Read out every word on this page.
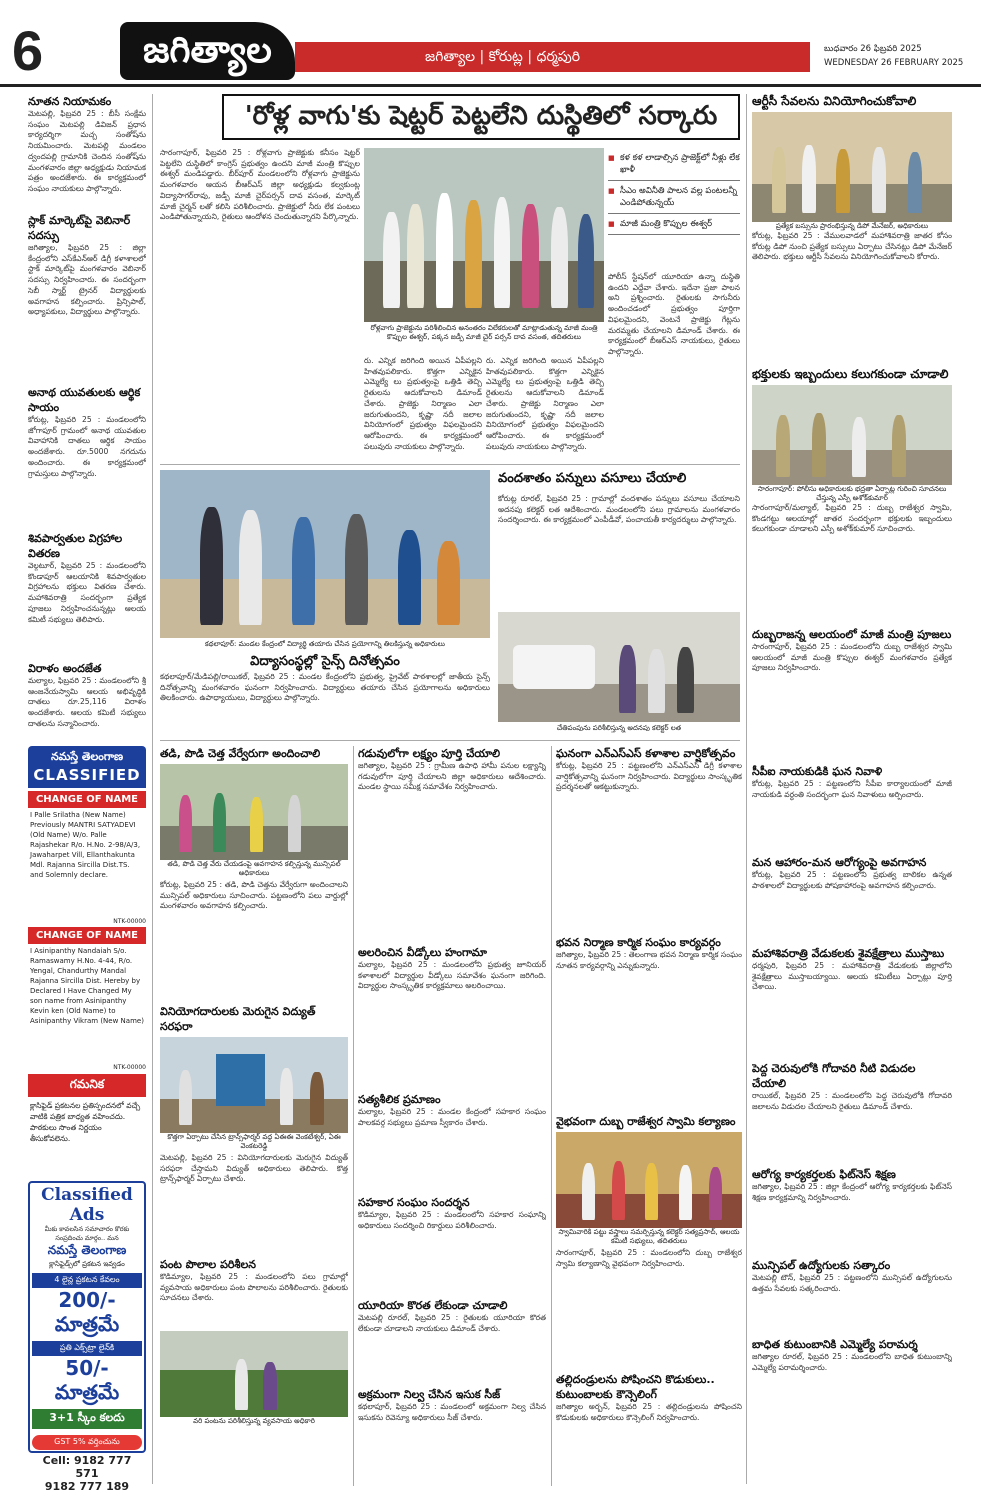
6	జగిత్యాల	జగిత్యాల | కోరుట్ల | ధర్మపురి	బుధవారం 26 ఫిబ్రవరి 2025
WEDNESDAY 26 FEBRUARY 2025
నూతన నియామకం
మెటపల్లి, ఫిబ్రవరి 25 : బీసీ సంక్షేమ సంఘం మెటపల్లి డివిజన్ ప్రధాన కార్యదర్శిగా మచ్చ సంతోష్‌ను నియమించారు. మెటపల్లి మండలం ద్వందపల్లి గ్రామానికి చెందిన సంతోష్‌ను మంగళవారం జిల్లా అధ్యక్షుడు నియామక పత్రం అందజేశారు. ఈ కార్యక్రమంలో సంఘం నాయకులు పాల్గొన్నారు.
స్లాక్ మార్కెట్‌పై వెబినార్ సదస్సు
జగిత్యాల, ఫిబ్రవరి 25 : జిల్లా కేంద్రంలోని ఎస్‌కేఎన్‌ఆర్ డిగ్రీ కళాశాలలో స్టాక్ మార్కెట్‌పై మంగళవారం వెబినార్ సదస్సు నిర్వహించారు. ఈ సందర్భంగా సెబీ స్మార్ట్ ట్రైనర్ విద్యార్థులకు అవగాహన కల్పించారు. ప్రిన్సిపాల్, అధ్యాపకులు, విద్యార్థులు పాల్గొన్నారు.
అనాథ యువతులకు ఆర్థిక సాయం
కోరుట్ల, ఫిబ్రవరి 25 : మండలంలోని జోగాపూర్ గ్రామంలో అనాథ యువతుల వివాహానికి దాతలు ఆర్థిక సాయం అందజేశారు. రూ.5000 నగదును అందించారు. ఈ కార్యక్రమంలో గ్రామస్తులు పాల్గొన్నారు.
శివపార్వతుల విగ్రహాల వితరణ
వెల్గటూర్, ఫిబ్రవరి 25 : మండలంలోని కొండాపూర్ ఆలయానికి శివపార్వతుల విగ్రహాలను భక్తులు వితరణ చేశారు. మహాశివరాత్రి సందర్భంగా ప్రత్యేక పూజలు నిర్వహించనున్నట్లు ఆలయ కమిటీ సభ్యులు తెలిపారు.
విరాళం అందజేత
మల్యాల, ఫిబ్రవరి 25 : మండలంలోని శ్రీ ఆంజనేయస్వామి ఆలయ అభివృద్ధికి దాతలు రూ.25,116 విరాళం అందజేశారు. ఆలయ కమిటీ సభ్యులు దాతలను సన్మానించారు.
నమస్తే తెలంగాణ
CLASSIFIED
CHANGE OF NAME
I Palle Srilatha (New Name) Previously MANTRI SATYADEVI (Old Name) W/o. Palle Rajashekar R/o. H.No. 2-98/A/3, Jawaharpet Vill, Ellanthakunta Mdl. Rajanna Sircilla Dist.TS. and Solemnly declare.
NTK-00000
CHANGE OF NAME
I Asinipanthy Nandaiah S/o. Ramaswamy H.No. 4-44, R/o. Yengal, Chandurthy Mandal Rajanna Sircilla Dist. Hereby by Declared I Have Changed My son name from Asinipanthy Kevin ken (Old Name) to Asinipanthy Vikram (New Name)
NTK-00000
గమనిక
క్లాసిఫైడ్ ప్రకటనల ప్రతిస్పందనలో వచ్చే వాటికి పత్రిక బాధ్యత వహించదు. పాఠకులు సొంత నిర్ణయం తీసుకోవలెను.
Classified Ads
మీకు కావలసిన సమాచారం కొరకు సంప్రదించు మార్గం.. మన
నమస్తే తెలంగాణ
క్లాసిఫైడ్స్‌లో ప్రకటన ఇవ్వడం
4 లైన్ల ప్రకటన కేవలం
200/- మాత్రమే
ప్రతి ఎక్స్‌ట్రా లైన్‌కి
50/- మాత్రమే
3+1 స్కీం కలదు
GST 5% వర్తించును
Cell: 9182 777 571
9182 777 189
'రోళ్ల వాగు'కు షెట్టర్ పెట్టలేని దుస్థితిలో సర్కారు
సారంగాపూర్, ఫిబ్రవరి 25 : రోళ్లవాగు ప్రాజెక్టుకు కనీసం షెట్టర్ పెట్టలేని దుస్థితిలో కాంగ్రెస్ ప్రభుత్వం ఉందని మాజీ మంత్రి కొప్పుల ఈశ్వర్ మండిపడ్డారు. బీర్‌పూర్ మండలంలోని రోళ్లవాగు ప్రాజెక్టును మంగళవారం ఆయన బీఆర్ఎస్ జిల్లా అధ్యక్షుడు కల్వకుంట్ల విద్యాసాగర్‌రావు, జడ్పీ మాజీ చైర్‌పర్సన్ దావ వసంత, మార్కెట్ మాజీ చైర్మన్ లతో కలిసి పరిశీలించారు. ప్రాజెక్టులో నీరు లేక పంటలు ఎండిపోతున్నాయని, రైతులు ఆందోళన చెందుతున్నారని పేర్కొన్నారు.
■ కళ కళ లాడాల్సిన ప్రాజెక్ట్‌లో నీళ్లు లేక ఖాళీ
■ సీఎం అవినీతి పాలన వల్ల పంటలన్నీ ఎండిపోతున్నయ్
■ మాజీ మంత్రి కొప్పుల ఈశ్వర్
రోళ్లవాగు ప్రాజెక్టును పరిశీలించిన అనంతరం విలేకరులతో మాట్లాడుతున్న మాజీ మంత్రి కొప్పుల ఈశ్వర్, పక్కన జడ్పీ మాజీ చైర్ పర్సన్ దావ వసంత, తదితరులు
రు. ఎన్నిక జరిగింది అయిన ఏపీపల్లని హితవుపలికారు. కొత్తగా ఎన్నికైన ఎమ్మెల్యే లు ప్రభుత్వంపై ఒత్తిడి తెచ్చి రైతులను ఆదుకోవాలని డిమాండ్ చేశారు. ప్రాజెక్టు నిర్మాణం ఎలా జరుగుతుందని, కృష్ణా నదీ జలాల వినియోగంలో ప్రభుత్వం విఫలమైందని ఆరోపించారు. ఈ కార్యక్రమంలో పలువురు నాయకులు పాల్గొన్నారు.
రు. ఎన్నిక జరిగింది అయిన ఏపీపల్లని హితవుపలికారు. కొత్తగా ఎన్నికైన ఎమ్మెల్యే లు ప్రభుత్వంపై ఒత్తిడి తెచ్చి రైతులను ఆదుకోవాలని డిమాండ్ చేశారు. ప్రాజెక్టు నిర్మాణం ఎలా జరుగుతుందని, కృష్ణా నదీ జలాల వినియోగంలో ప్రభుత్వం విఫలమైందని ఆరోపించారు. ఈ కార్యక్రమంలో పలువురు నాయకులు పాల్గొన్నారు.
పోలీస్ స్టేషన్‌లో యూరియా ఉన్నా దుస్థితి ఉందని ఎద్దేవా చేశారు. ఇదేనా ప్రజా పాలన అని ప్రశ్నించారు. రైతులకు సాగునీరు అందించడంలో ప్రభుత్వం పూర్తిగా విఫలమైందని, వెంటనే ప్రాజెక్టు గేట్లను మరమ్మతు చేయాలని డిమాండ్ చేశారు. ఈ కార్యక్రమంలో బీఆర్ఎస్ నాయకులు, రైతులు పాల్గొన్నారు.
కథలాపూర్: మండల కేంద్రంలో విద్యార్థి తయారు చేసిన ప్రయోగాన్ని తిలకిస్తున్న అధికారులు
విద్యాసంస్థల్లో సైన్స్ దినోత్సవం
కథలాపూర్/మేడిపల్లి/రాయికల్, ఫిబ్రవరి 25 : మండల కేంద్రంలోని ప్రభుత్వ, ప్రైవేట్ పాఠశాలల్లో జాతీయ సైన్స్ దినోత్సవాన్ని మంగళవారం ఘనంగా నిర్వహించారు. విద్యార్థులు తయారు చేసిన ప్రయోగాలను అధికారులు తిలకించారు. ఉపాధ్యాయులు, విద్యార్థులు పాల్గొన్నారు.
వందశాతం పన్నులు వసూలు చేయాలి
కోరుట్ల రూరల్, ఫిబ్రవరి 25 : గ్రామాల్లో వందశాతం పన్నులు వసూలు చేయాలని అదనపు కలెక్టర్ లత ఆదేశించారు. మండలంలోని పలు గ్రామాలను మంగళవారం సందర్శించారు. ఈ కార్యక్రమంలో ఎంపీడీవో, పంచాయతీ కార్యదర్శులు పాల్గొన్నారు.
చేతిపంపును పరిశీలిస్తున్న అదనపు కలెక్టర్ లత
ఆర్టీసీ సేవలను వినియోగించుకోవాలి
ప్రత్యేక బస్సును ప్రారంభిస్తున్న డిపో మేనేజర్, అధికారులు
కోరుట్ల, ఫిబ్రవరి 25 : వేములవాడలో మహాశివరాత్రి జాతర కోసం కోరుట్ల డిపో నుంచి ప్రత్యేక బస్సులు ఏర్పాటు చేసినట్లు డిపో మేనేజర్ తెలిపారు. భక్తులు ఆర్టీసీ సేవలను వినియోగించుకోవాలని కోరారు.
భక్తులకు ఇబ్బందులు కలుగకుండా చూడాలి
సారంగాపూర్: పోలీసు అధికారులకు భద్రతా ఏర్పాట్ల గురించి సూచనలు చేస్తున్న ఎస్పీ అశోక్‌కుమార్
సారంగాపూర్/మల్యాల్, ఫిబ్రవరి 25 : దుబ్బ రాజేశ్వర స్వామి, కొండగట్టు ఆలయాల్లో జాతర సందర్భంగా భక్తులకు ఇబ్బందులు కలుగకుండా చూడాలని ఎస్పీ అశోక్‌కుమార్ సూచించారు.
దుబ్బరాజన్న ఆలయంలో మాజీ మంత్రి పూజలు
సారంగాపూర్, ఫిబ్రవరి 25 : మండలంలోని దుబ్బ రాజేశ్వర స్వామి ఆలయంలో మాజీ మంత్రి కొప్పుల ఈశ్వర్ మంగళవారం ప్రత్యేక పూజలు నిర్వహించారు.
సీపీఐ నాయకుడికి ఘన నివాళి
కోరుట్ల, ఫిబ్రవరి 25 : పట్టణంలోని సీపీఐ కార్యాలయంలో మాజీ నాయకుడి వర్ధంతి సందర్భంగా ఘన నివాళులు అర్పించారు.
మన ఆహారం-మన ఆరోగ్యంపై అవగాహన
కోరుట్ల, ఫిబ్రవరి 25 : పట్టణంలోని ప్రభుత్వ బాలికల ఉన్నత పాఠశాలలో విద్యార్థులకు పోషకాహారంపై అవగాహన కల్పించారు.
మహాశివరాత్రి వేడుకలకు శైవక్షేత్రాలు ముస్తాబు
ధర్మపురి, ఫిబ్రవరి 25 : మహాశివరాత్రి వేడుకలకు జిల్లాలోని శైవక్షేత్రాలు ముస్తాబయ్యాయి. ఆలయ కమిటీలు ఏర్పాట్లు పూర్తి చేశాయి.
పెద్ద చెరువులోకి గోదావరి నీటి విడుదల చేయాలి
రాయికల్, ఫిబ్రవరి 25 : మండలంలోని పెద్ద చెరువులోకి గోదావరి జలాలను విడుదల చేయాలని రైతులు డిమాండ్ చేశారు.
ఆరోగ్య కార్యకర్తలకు ఫిట్‌నెస్ శిక్షణ
జగిత్యాల, ఫిబ్రవరి 25 : జిల్లా కేంద్రంలో ఆరోగ్య కార్యకర్తలకు ఫిట్‌నెస్ శిక్షణ కార్యక్రమాన్ని నిర్వహించారు.
మున్సిపల్ ఉద్యోగులకు సత్కారం
మెటపల్లి టౌన్, ఫిబ్రవరి 25 : పట్టణంలోని మున్సిపల్ ఉద్యోగులను ఉత్తమ సేవలకు సత్కరించారు.
బాధిత కుటుంబానికి ఎమ్మెల్యే పరామర్శ
జగిత్యాల రూరల్, ఫిబ్రవరి 25 : మండలంలోని బాధిత కుటుంబాన్ని ఎమ్మెల్యే పరామర్శించారు.
తడి, పొడి చెత్త వేర్వేరుగా అందించాలి
తడి, పొడి చెత్త వేరు చేయడంపై అవగాహన కల్పిస్తున్న మున్సిపల్ అధికారులు
కోరుట్ల, ఫిబ్రవరి 25 : తడి, పొడి చెత్తను వేర్వేరుగా అందించాలని మున్సిపల్ అధికారులు సూచించారు. పట్టణంలోని పలు వార్డుల్లో మంగళవారం అవగాహన కల్పించారు.
వినియోగదారులకు మెరుగైన విద్యుత్ సరఫరా
కొత్తగా ఏర్పాటు చేసిన ట్రాన్స్‌ఫార్మర్ వద్ద ఏఈఈ వెంకటేశ్వర్, ఏఈ వెంకటరెడ్డి
మెటపల్లి, ఫిబ్రవరి 25 : వినియోగదారులకు మెరుగైన విద్యుత్ సరఫరా చేస్తామని విద్యుత్ అధికారులు తెలిపారు. కొత్త ట్రాన్స్‌ఫార్మర్ ఏర్పాటు చేశారు.
పంట పొలాల పరిశీలన
కొడిమ్యాల, ఫిబ్రవరి 25 : మండలంలోని పలు గ్రామాల్లో వ్యవసాయ అధికారులు పంట పొలాలను పరిశీలించారు. రైతులకు సూచనలు చేశారు.
వరి పంటను పరిశీలిస్తున్న వ్యవసాయ అధికారి
గడువులోగా లక్ష్యం పూర్తి చేయాలి
జగిత్యాల, ఫిబ్రవరి 25 : గ్రామీణ ఉపాధి హామీ పనుల లక్ష్యాన్ని గడువులోగా పూర్తి చేయాలని జిల్లా అధికారులు ఆదేశించారు. మండల స్థాయి సమీక్ష సమావేశం నిర్వహించారు.
అలరించిన వీడ్కోలు హంగామా
మల్యాల, ఫిబ్రవరి 25 : మండలంలోని ప్రభుత్వ జూనియర్ కళాశాలలో విద్యార్థుల వీడ్కోలు సమావేశం ఘనంగా జరిగింది. విద్యార్థుల సాంస్కృతిక కార్యక్రమాలు అలరించాయి.
సత్యశీలిక ప్రమాణం
మల్యాల, ఫిబ్రవరి 25 : మండల కేంద్రంలో సహకార సంఘం పాలకవర్గ సభ్యులు ప్రమాణ స్వీకారం చేశారు.
సహకార సంఘం సందర్శన
కొడిమ్యాల, ఫిబ్రవరి 25 : మండలంలోని సహకార సంఘాన్ని అధికారులు సందర్శించి రికార్డులు పరిశీలించారు.
యూరియా కొరత లేకుండా చూడాలి
మెటపల్లి రూరల్, ఫిబ్రవరి 25 : రైతులకు యూరియా కొరత లేకుండా చూడాలని నాయకులు డిమాండ్ చేశారు.
అక్రమంగా నిల్వ చేసిన ఇసుక సీజ్
కథలాపూర్, ఫిబ్రవరి 25 : మండలంలో అక్రమంగా నిల్వ చేసిన ఇసుకను రెవెన్యూ అధికారులు సీజ్ చేశారు.
ఘనంగా ఎన్ఎస్ఎస్ కళాశాల వార్షికోత్సవం
కోరుట్ల, ఫిబ్రవరి 25 : పట్టణంలోని ఎన్ఎస్ఎస్ డిగ్రీ కళాశాల వార్షికోత్సవాన్ని ఘనంగా నిర్వహించారు. విద్యార్థులు సాంస్కృతిక ప్రదర్శనలతో ఆకట్టుకున్నారు.
భవన నిర్మాణ కార్మిక సంఘం కార్యవర్గం
జగిత్యాల, ఫిబ్రవరి 25 : తెలంగాణ భవన నిర్మాణ కార్మిక సంఘం నూతన కార్యవర్గాన్ని ఎన్నుకున్నారు.
వైభవంగా దుబ్బ రాజేశ్వర స్వామి కల్యాణం
స్వామివారికి పట్టు వస్త్రాలు సమర్పిస్తున్న కలెక్టర్ సత్యప్రసాద్, ఆలయ కమిటీ సభ్యులు, తదితరులు
సారంగాపూర్, ఫిబ్రవరి 25 : మండలంలోని దుబ్బ రాజేశ్వర స్వామి కల్యాణాన్ని వైభవంగా నిర్వహించారు.
తల్లిదండ్రులను పోషించని కొడుకులు.. కుటుంబాలకు కౌన్సెలింగ్
జగిత్యాల అర్బన్, ఫిబ్రవరి 25 : తల్లిదండ్రులను పోషించని కొడుకులకు అధికారులు కౌన్సెలింగ్ నిర్వహించారు.
